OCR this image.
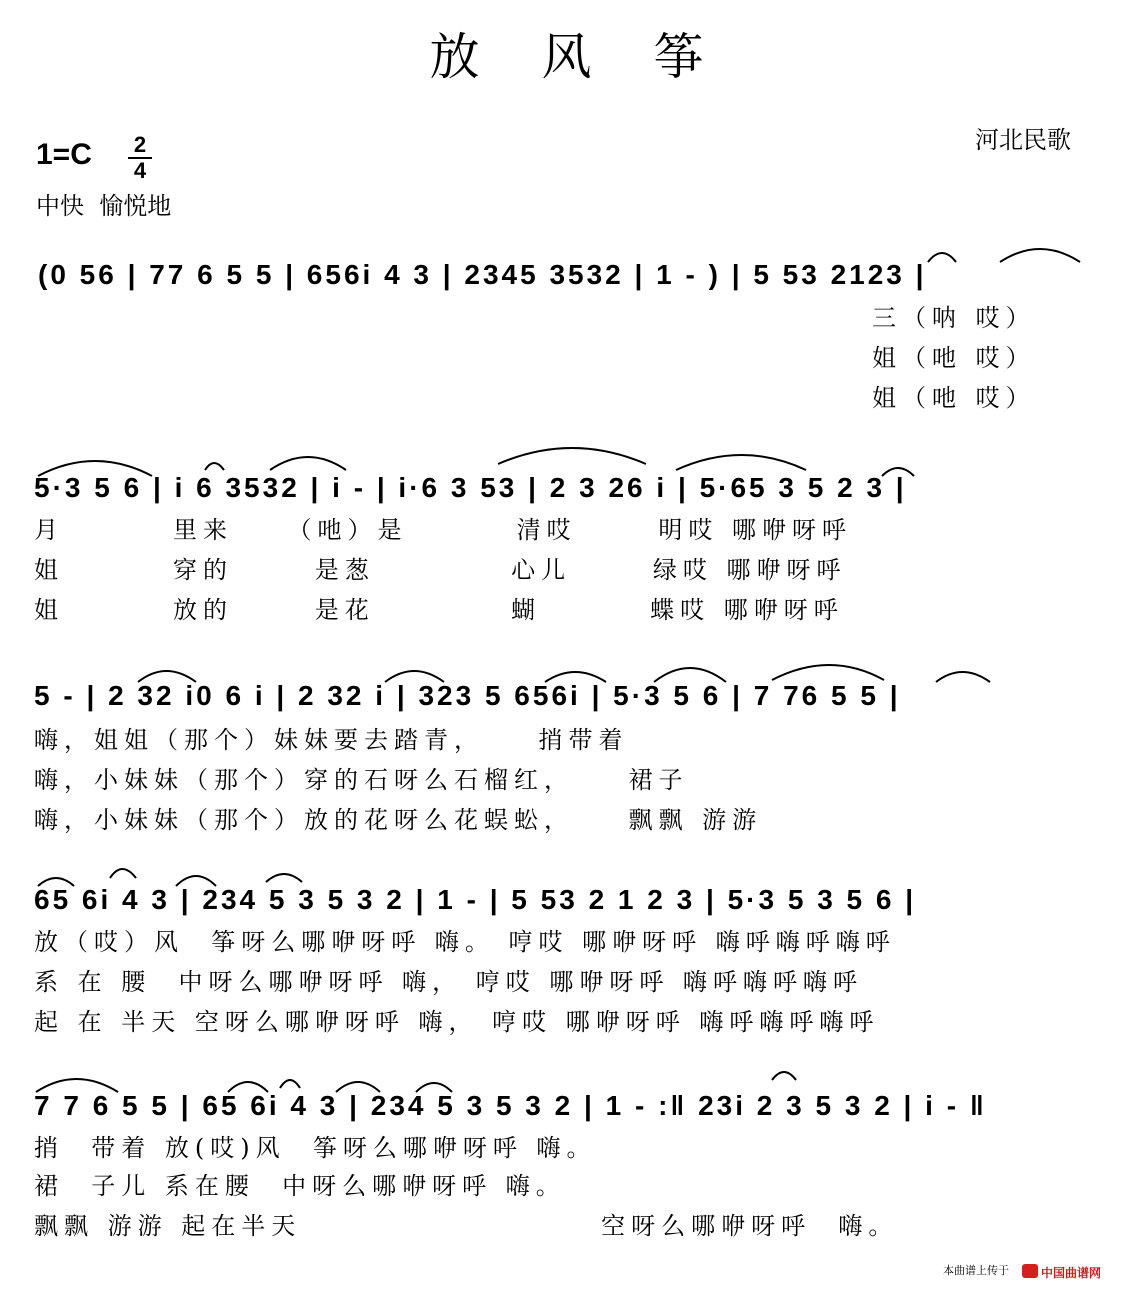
放风筝
河北民歌
$1=C \frac{2}{4}$
中快  愉悦地
(0 56 | 77 6 5 5 | 656i 4 3 | 2345 3532 | 1 - ) | 5 53 2123 |
三（呐 哎）
姐（吔 哎）
姐（吔 哎）
5·3 5 6 | i 6 3532 | i - | i·6 3 53 | 2 3 26 i | 5·65 3 5 2 3 |
月        里来    （吔）是        清哎      明哎 哪咿呀呼
姐        穿的      是葱          心儿      绿哎 哪咿呀呼
姐        放的      是花          蝴        蝶哎 哪咿呀呼
5 - | 2 32 i0 6 i | 2 32 i | 323 5 656i | 5·3 5 6 | 7 76 5 5 |
嗨，姐姐（那个）妹妹要去踏青，    捎带着
嗨，小妹妹（那个）穿的石呀么石榴红，    裙子
嗨，小妹妹（那个）放的花呀么花蜈蚣，    飘飘 游游
65 6i 4 3 | 234 5 3 5 3 2 | 1 - | 5 53 2 1 2 3 | 5·3 5 3 5 6 |
放（哎）风  筝呀么哪咿呀呼 嗨。 哼哎 哪咿呀呼 嗨呼嗨呼嗨呼
系 在 腰  中呀么哪咿呀呼 嗨， 哼哎 哪咿呀呼 嗨呼嗨呼嗨呼
起 在 半天 空呀么哪咿呀呼 嗨， 哼哎 哪咿呀呼 嗨呼嗨呼嗨呼
7 7 6 5 5 | 65 6i 4 3 | 234 5 3 5 3 2 | 1 - :‖ 23i 2 3 5 3 2 | i - ‖
捎  带着 放(哎)风  筝呀么哪咿呀呼 嗨。
裙  子儿 系在腰  中呀么哪咿呀呼 嗨。
飘飘 游游 起在半天                      空呀么哪咿呀呼  嗨。
本曲谱上传于	中国曲谱网
